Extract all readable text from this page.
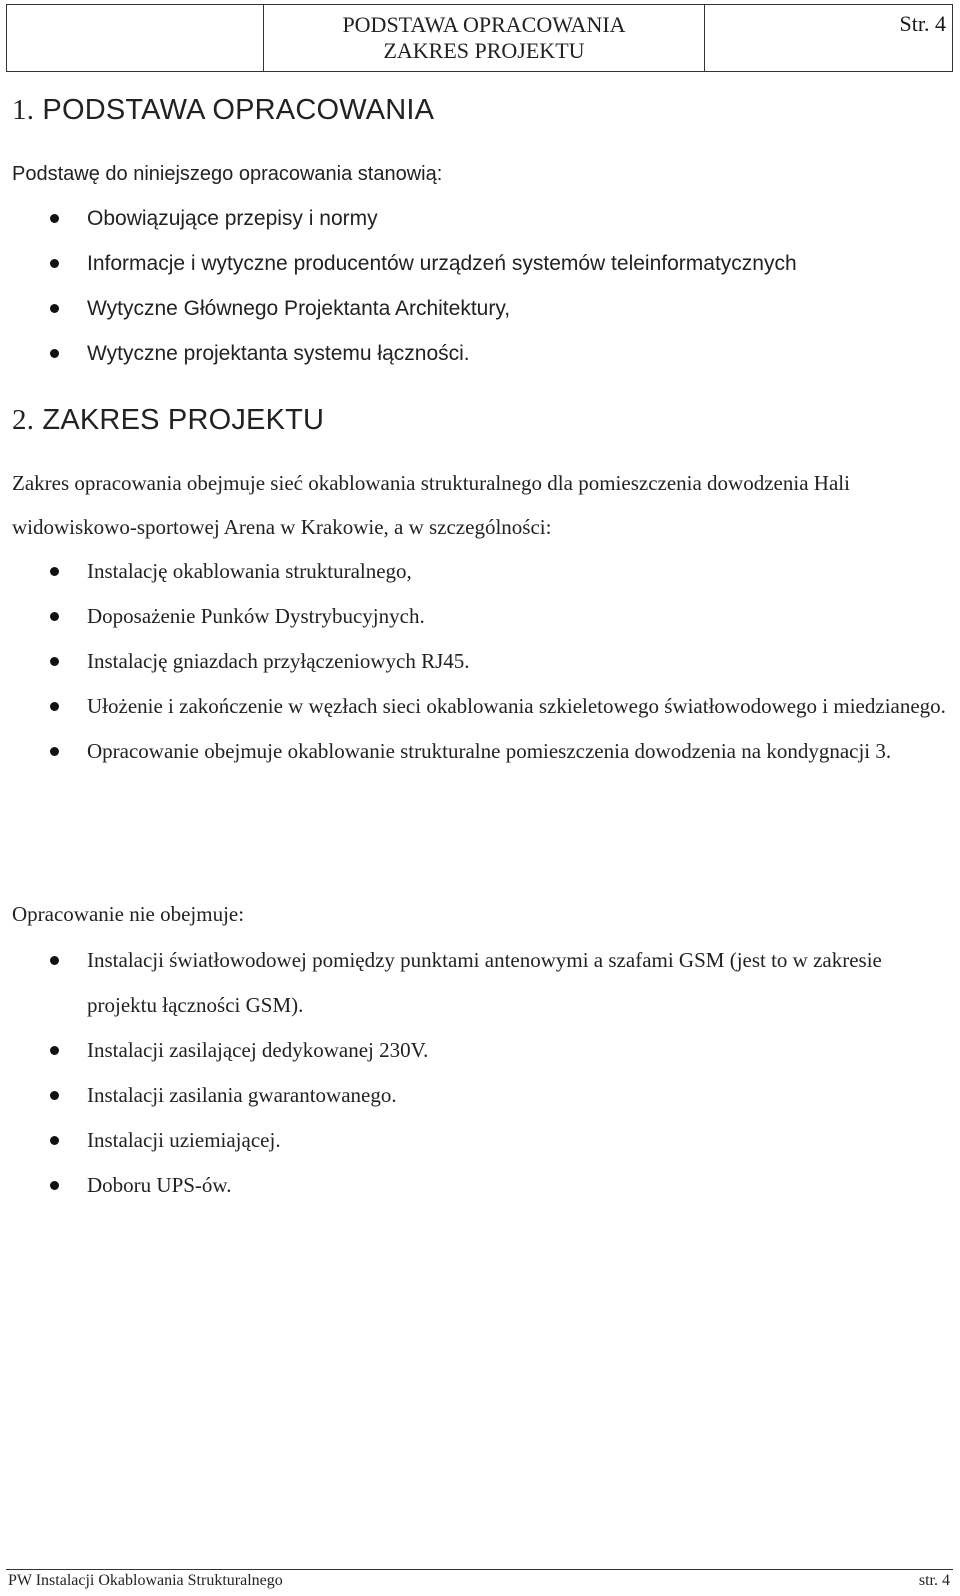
PODSTAWA OPRACOWANIA
ZAKRES PROJEKTU
	Str. 4
1. PODSTAWA OPRACOWANIA

Podstawę do niniejszego opracowania stanowią:

Obowiązujące przepisy i normy
Informacje i wytyczne producentów urządzeń systemów teleinformatycznych
Wytyczne Głównego Projektanta Architektury,
Wytyczne projektanta systemu łączności.
2. ZAKRES PROJEKTU

Zakres opracowania obejmuje sieć okablowania strukturalnego dla pomieszczenia dowodzenia Hali widowiskowo-sportowej Arena w Krakowie, a w szczególności:

Instalację okablowania strukturalnego,
Doposażenie Punków Dystrybucyjnych.
Instalację gniazdach przyłączeniowych RJ45.
Ułożenie i zakończenie w węzłach sieci okablowania szkieletowego światłowodowego i miedzianego.
Opracowanie obejmuje okablowanie strukturalne pomieszczenia dowodzenia na kondygnacji 3.

Opracowanie nie obejmuje:

Instalacji światłowodowej pomiędzy punktami antenowymi a szafami GSM (jest to w zakresie projektu łączności GSM).
Instalacji zasilającej dedykowanej 230V.
Instalacji zasilania gwarantowanego.
Instalacji uziemiającej.
Doboru UPS-ów.
PW Instalacji Okablowania Strukturalnego	str. 4
